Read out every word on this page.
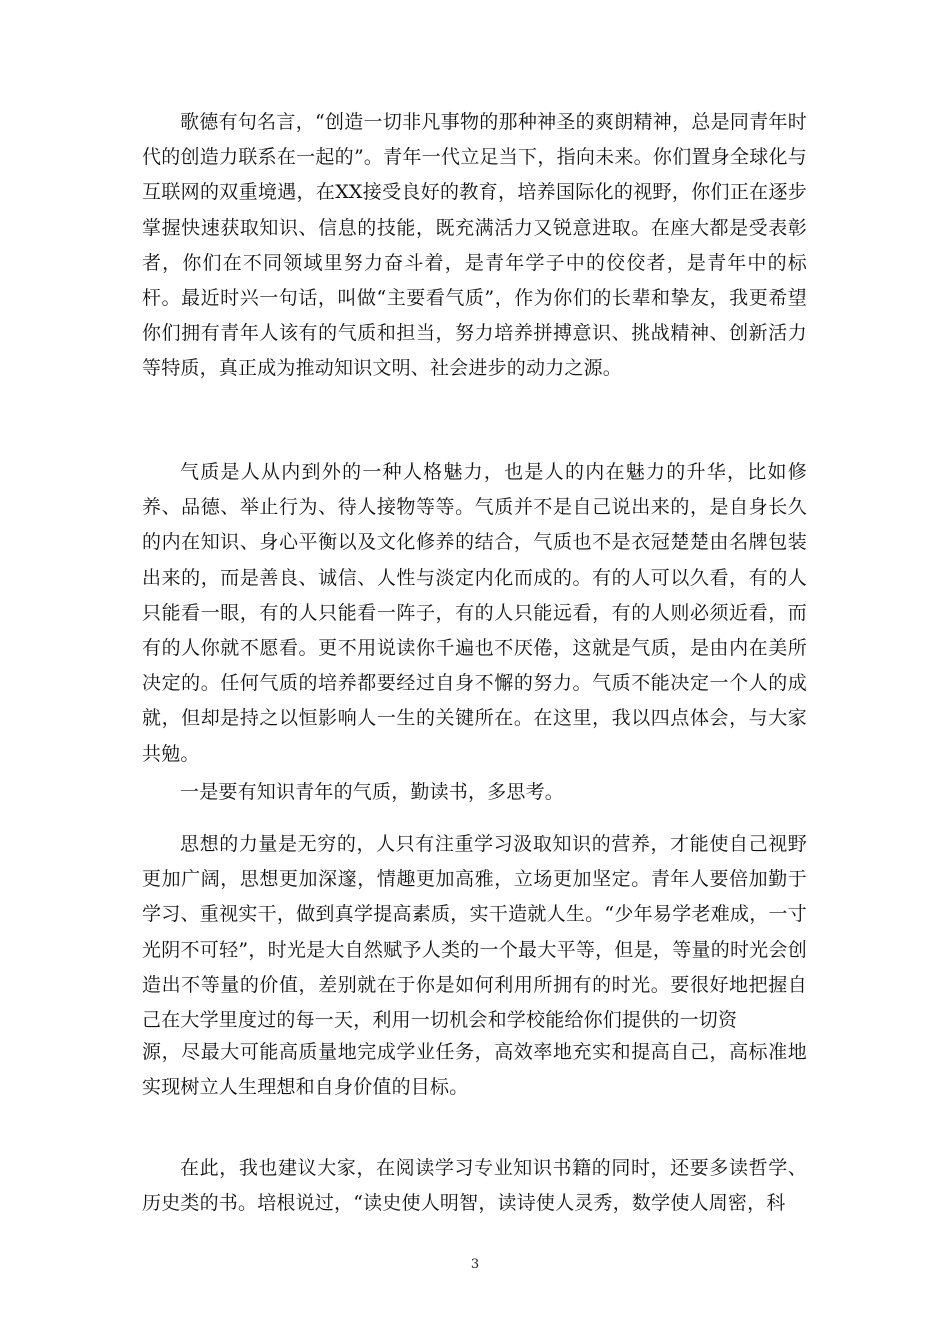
歌德有句名言，“创造一切非凡事物的那种神圣的爽朗精神，总是同青年时代的创造力联系在一起的”。青年一代立足当下，指向未来。你们置身全球化与互联网的双重境遇，在XX接受良好的教育，培养国际化的视野，你们正在逐步掌握快速获取知识、信息的技能，既充满活力又锐意进取。在座大都是受表彰者，你们在不同领域里努力奋斗着，是青年学子中的佼佼者，是青年中的标杆。最近时兴一句话，叫做“主要看气质”，作为你们的长辈和挚友，我更希望你们拥有青年人该有的气质和担当，努力培养拼搏意识、挑战精神、创新活力等特质，真正成为推动知识文明、社会进步的动力之源。

气质是人从内到外的一种人格魅力，也是人的内在魅力的升华，比如修养、品德、举止行为、待人接物等等。气质并不是自己说出来的，是自身长久的内在知识、身心平衡以及文化修养的结合，气质也不是衣冠楚楚由名牌包装出来的，而是善良、诚信、人性与淡定内化而成的。有的人可以久看，有的人只能看一眼，有的人只能看一阵子，有的人只能远看，有的人则必须近看，而有的人你就不愿看。更不用说读你千遍也不厌倦，这就是气质，是由内在美所决定的。任何气质的培养都要经过自身不懈的努力。气质不能决定一个人的成就，但却是持之以恒影响人一生的关键所在。在这里，我以四点体会，与大家共勉。

一是要有知识青年的气质，勤读书，多思考。

思想的力量是无穷的，人只有注重学习汲取知识的营养，才能使自己视野更加广阔，思想更加深邃，情趣更加高雅，立场更加坚定。青年人要倍加勤于学习、重视实干，做到真学提高素质，实干造就人生。“少年易学老难成，一寸光阴不可轻”，时光是大自然赋予人类的一个最大平等，但是，等量的时光会创造出不等量的价值，差别就在于你是如何利用所拥有的时光。要很好地把握自己在大学里度过的每一天，利用一切机会和学校能给你们提供的一切资

源，尽最大可能高质量地完成学业任务，高效率地充实和提高自己，高标准地实现树立人生理想和自身价值的目标。

在此，我也建议大家，在阅读学习专业知识书籍的同时，还要多读哲学、历史类的书。培根说过，“读史使人明智，读诗使人灵秀，数学使人周密，科

3
